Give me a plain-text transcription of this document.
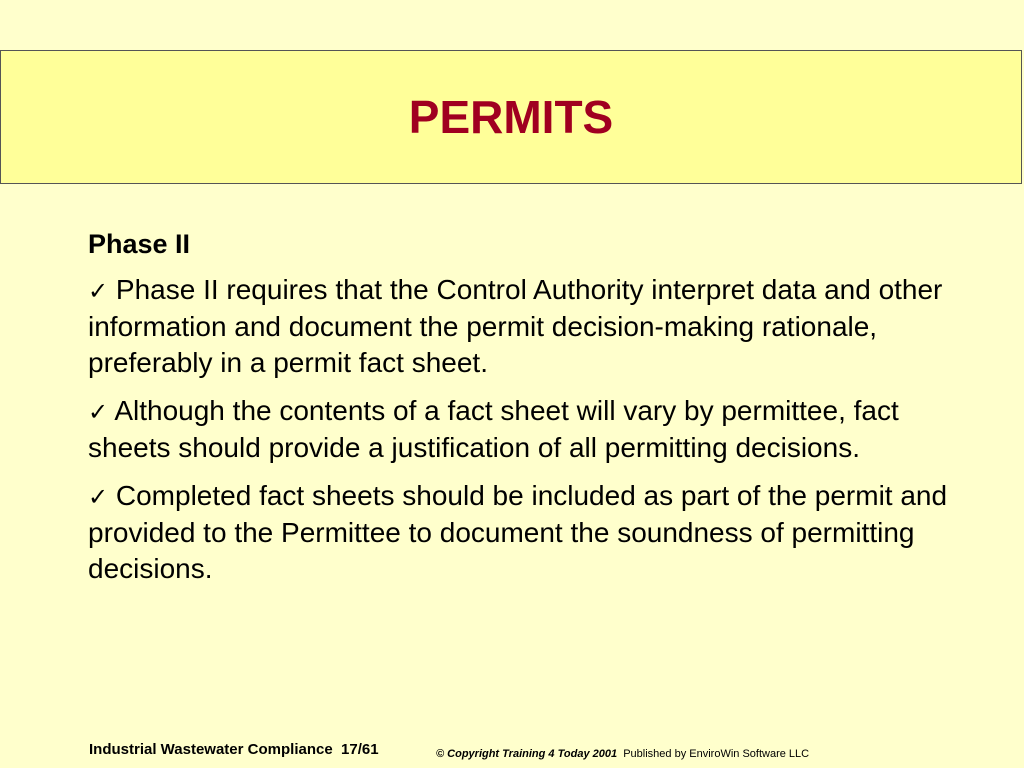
PERMITS
Phase II
✓ Phase II requires that the Control Authority interpret data and other information and document the permit decision-making rationale, preferably in a permit fact sheet.
✓ Although the contents of a fact sheet will vary by permittee, fact sheets should provide a justification of all permitting decisions.
✓ Completed fact sheets should be included as part of the permit and provided to the Permittee to document the soundness of permitting decisions.
Industrial Wastewater Compliance 17/61	© Copyright Training 4 Today 2001 Published by EnviroWin Software LLC
